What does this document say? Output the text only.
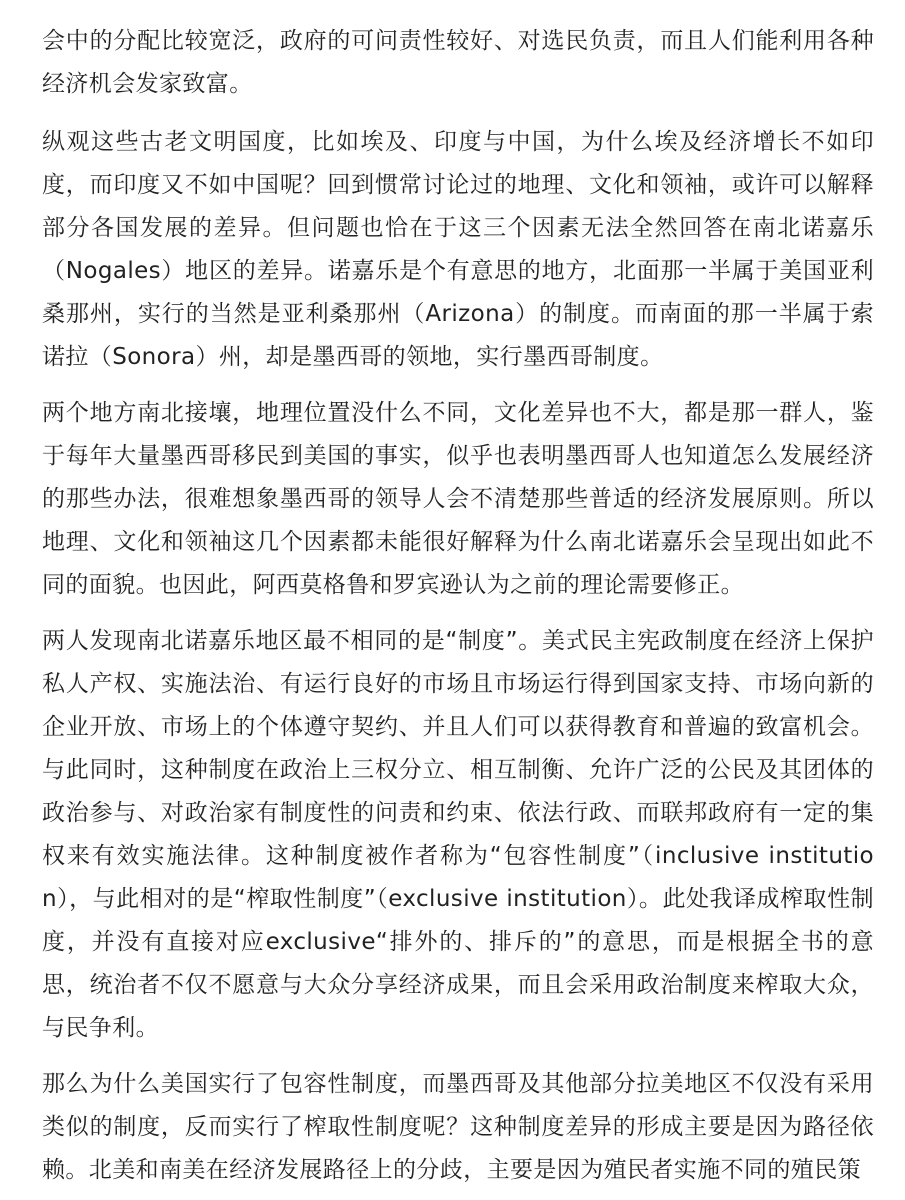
会中的分配比较宽泛，政府的可问责性较好、对选民负责，而且人们能利用各种经济机会发家致富。

纵观这些古老文明国度，比如埃及、印度与中国，为什么埃及经济增长不如印度，而印度又不如中国呢？回到惯常讨论过的地理、文化和领袖，或许可以解释部分各国发展的差异。但问题也恰在于这三个因素无法全然回答在南北诺嘉乐（Nogales）地区的差异。诺嘉乐是个有意思的地方，北面那一半属于美国亚利桑那州，实行的当然是亚利桑那州（Arizona）的制度。而南面的那一半属于索诺拉（Sonora）州，却是墨西哥的领地，实行墨西哥制度。

两个地方南北接壤，地理位置没什么不同，文化差异也不大，都是那一群人，鉴于每年大量墨西哥移民到美国的事实，似乎也表明墨西哥人也知道怎么发展经济的那些办法，很难想象墨西哥的领导人会不清楚那些普适的经济发展原则。所以地理、文化和领袖这几个因素都未能很好解释为什么南北诺嘉乐会呈现出如此不同的面貌。也因此，阿西莫格鲁和罗宾逊认为之前的理论需要修正。

两人发现南北诺嘉乐地区最不相同的是“制度”。美式民主宪政制度在经济上保护私人产权、实施法治、有运行良好的市场且市场运行得到国家支持、市场向新的企业开放、市场上的个体遵守契约、并且人们可以获得教育和普遍的致富机会。与此同时，这种制度在政治上三权分立、相互制衡、允许广泛的公民及其团体的政治参与、对政治家有制度性的问责和约束、依法行政、而联邦政府有一定的集权来有效实施法律。这种制度被作者称为“包容性制度”（inclusive institution），与此相对的是“榨取性制度”（exclusive institution）。此处我译成榨取性制度，并没有直接对应exclusive“排外的、排斥的”的意思，而是根据全书的意思，统治者不仅不愿意与大众分享经济成果，而且会采用政治制度来榨取大众，与民争利。

那么为什么美国实行了包容性制度，而墨西哥及其他部分拉美地区不仅没有采用类似的制度，反而实行了榨取性制度呢？这种制度差异的形成主要是因为路径依赖。北美和南美在经济发展路径上的分歧，主要是因为殖民者实施不同的殖民策
